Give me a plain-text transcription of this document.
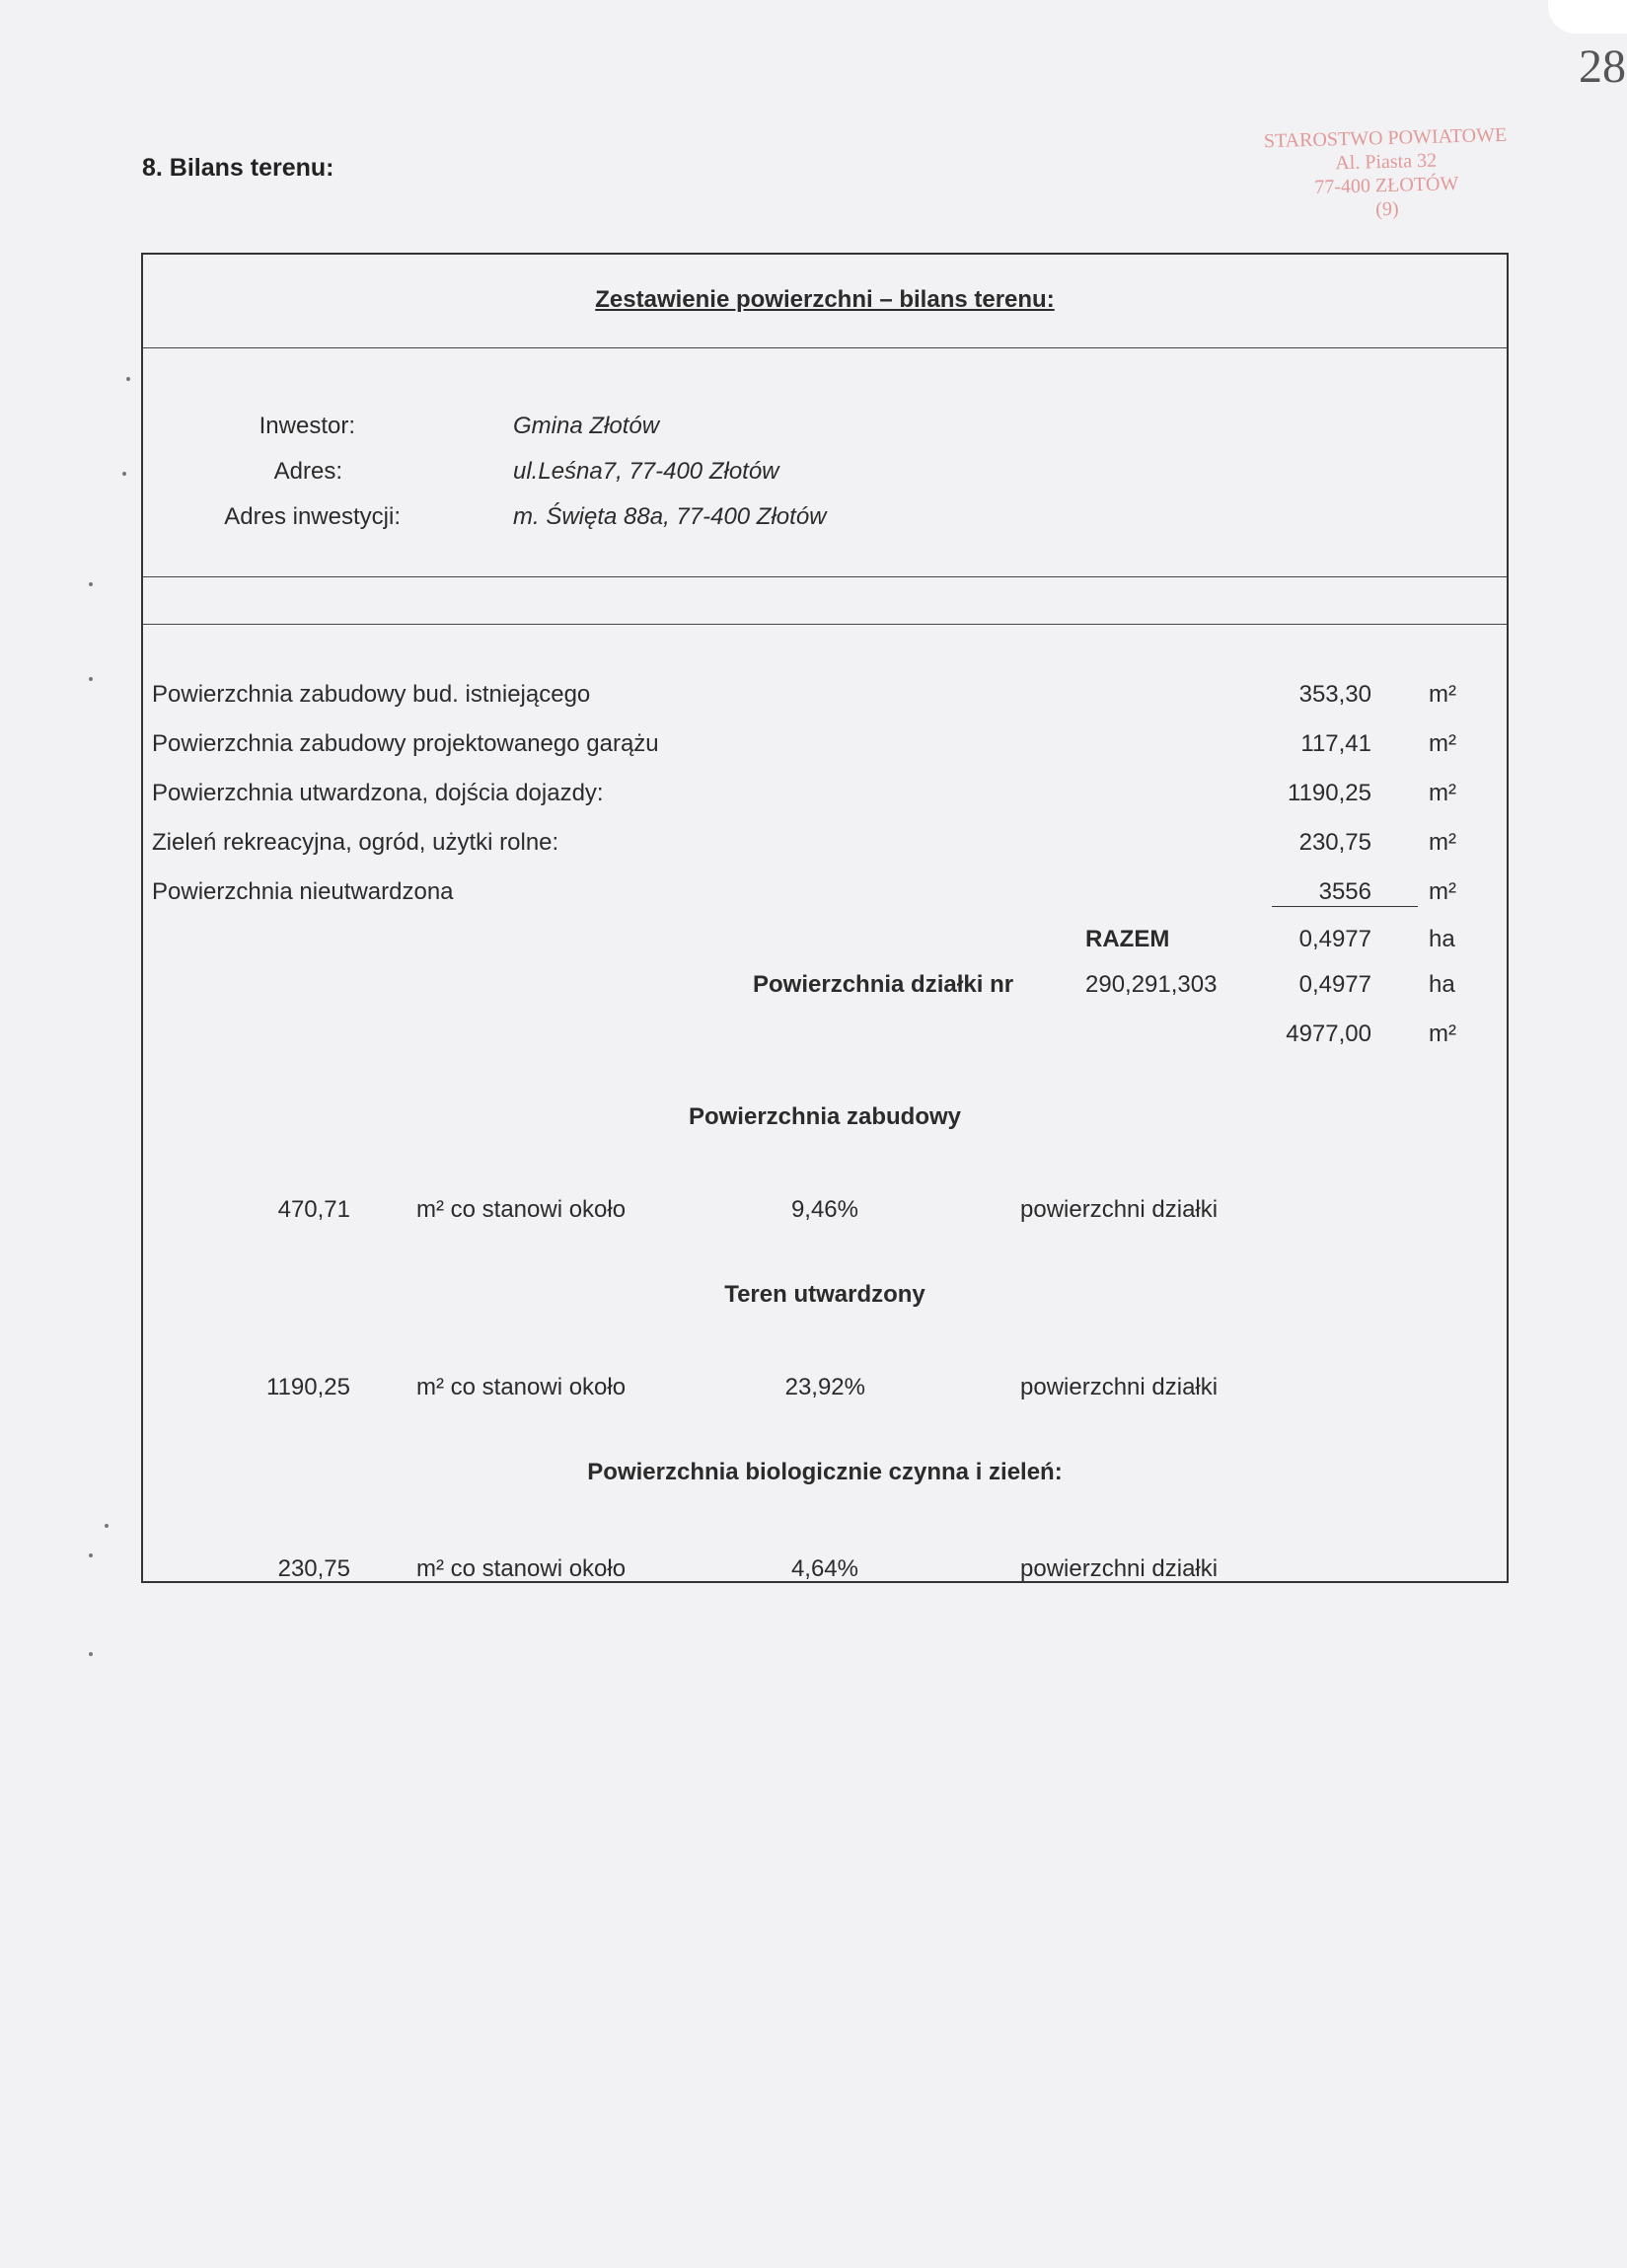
28
STAROSTWO POWIATOWE
Al. Piasta 32
77-400 ZŁOTÓW
(9)
8. Bilans terenu:
Zestawienie powierzchni – bilans terenu:
Inwestor:	Gmina Złotów
Adres:	ul.Leśna7, 77-400 Złotów
Adres inwestycji:	m. Święta 88a, 77-400 Złotów
Powierzchnia zabudowy bud. istniejącego	353,30 m²
Powierzchnia zabudowy projektowanego garążu	117,41 m²
Powierzchnia utwardzona, dojścia dojazdy:	1190,25 m²
Zieleń rekreacyjna, ogród, użytki rolne:	230,75 m²
Powierzchnia nieutwardzona	3556 m²
RAZEM	0,4977 ha
Powierzchnia działki nr	290,291,303	0,4977 ha
4977,00 m²
Powierzchnia zabudowy
470,71	m² co stanowi około	9,46%	powierzchni działki
Teren utwardzony
1190,25	m² co stanowi około	23,92%	powierzchni działki
Powierzchnia biologicznie czynna i zieleń:
230,75	m² co stanowi około	4,64%	powierzchni działki
